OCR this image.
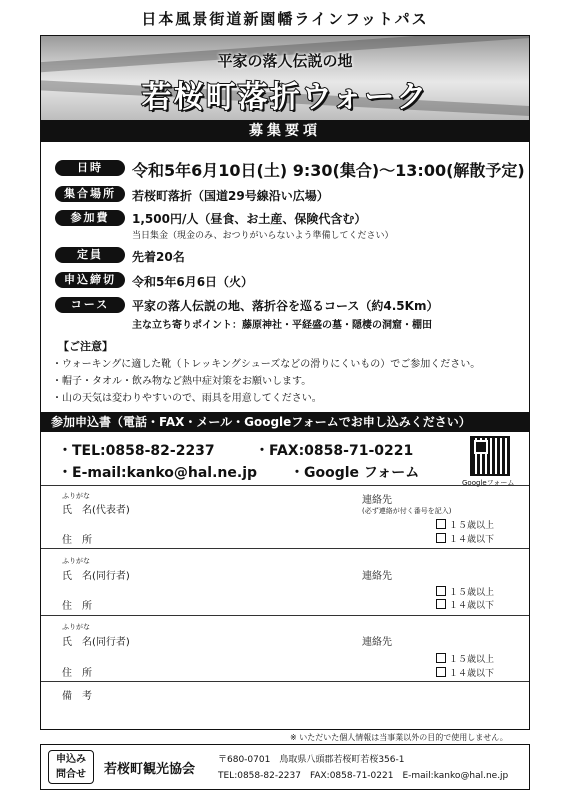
日本風景街道新園幡ラインフットパス
平家の落人伝説の地
若桜町落折ウォーク
募集要項
日時	令和5年6月10日(土) 9:30(集合)～13:00(解散予定)
集合場所	若桜町落折（国道29号線沿い広場）
参加費	1,500円/人（昼食、お土産、保険代含む）
当日集金（現金のみ、おつりがいらないよう準備してください）
定員	先着20名
申込締切	令和5年6月6日（火）
コース	平家の落人伝説の地、落折谷を巡るコース（約4.5Km）
主な立ち寄りポイント：藤原神社・平経盛の墓・隠棲の洞窟・棚田
【ご注意】
・ウォーキングに適した靴（トレッキングシューズなどの滑りにくいもの）でご参加ください。
・帽子・タオル・飲み物など熱中症対策をお願いします。
・山の天気は変わりやすいので、雨具を用意してください。
参加申込書（電話・FAX・メール・Googleフォームでお申し込みください）
・TEL:0858-82-2237	・FAX:0858-71-0221
・E-mail:kanko@hal.ne.jp ・Google フォーム
Googleフォーム
ふりがな
氏　名(代表者)
連絡先
(必ず連絡が付く番号を記入)
１５歳以上
１４歳以下
住　所
ふりがな
氏　名(同行者)	連絡先
１５歳以上
１４歳以下
住　所
ふりがな
氏　名(同行者)	連絡先
１５歳以上
１４歳以下
住　所
備　考
※ いただいた個人情報は当事業以外の目的で使用しません。
申込み
問合せ	若桜町観光協会
〒680-0701　鳥取県八頭郡若桜町若桜356-1
TEL:0858-82-2237　FAX:0858-71-0221　E-mail:kanko@hal.ne.jp
